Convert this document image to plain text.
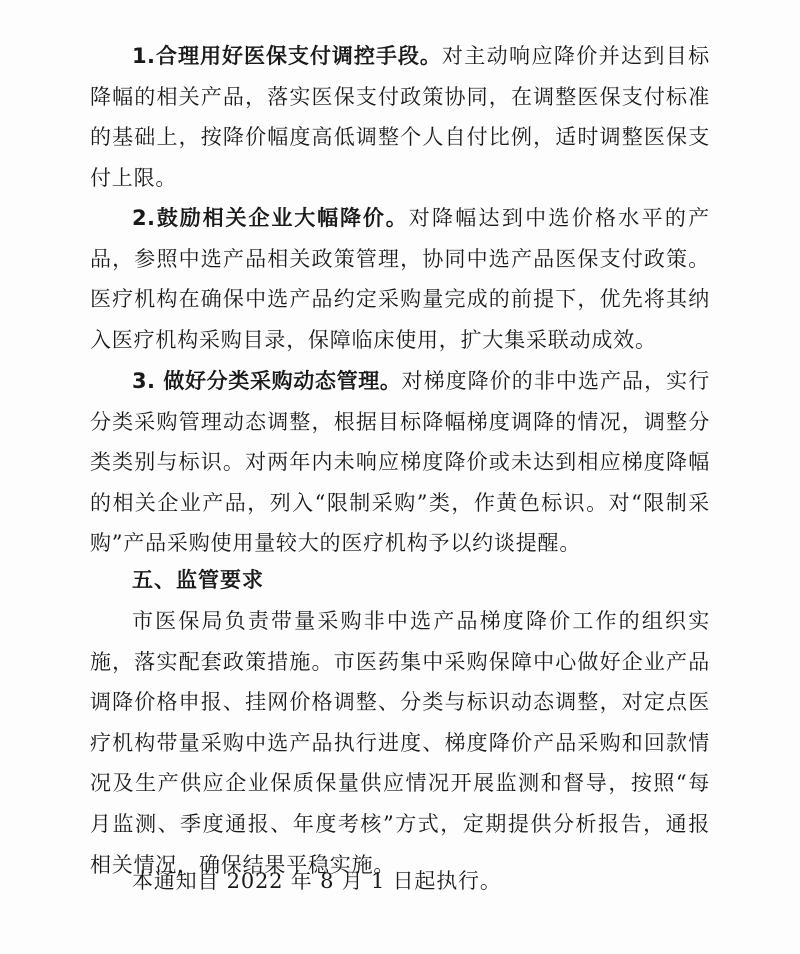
1.合理用好医保支付调控手段。对主动响应降价并达到目标降幅的相关产品，落实医保支付政策协同，在调整医保支付标准的基础上，按降价幅度高低调整个人自付比例，适时调整医保支付上限。

2.鼓励相关企业大幅降价。对降幅达到中选价格水平的产品，参照中选产品相关政策管理，协同中选产品医保支付政策。医疗机构在确保中选产品约定采购量完成的前提下，优先将其纳入医疗机构采购目录，保障临床使用，扩大集采联动成效。

3. 做好分类采购动态管理。对梯度降价的非中选产品，实行分类采购管理动态调整，根据目标降幅梯度调降的情况，调整分类类别与标识。对两年内未响应梯度降价或未达到相应梯度降幅的相关企业产品，列入“限制采购”类，作黄色标识。对“限制采购”产品采购使用量较大的医疗机构予以约谈提醒。

五、监管要求

市医保局负责带量采购非中选产品梯度降价工作的组织实施，落实配套政策措施。市医药集中采购保障中心做好企业产品调降价格申报、挂网价格调整、分类与标识动态调整，对定点医疗机构带量采购中选产品执行进度、梯度降价产品采购和回款情况及生产供应企业保质保量供应情况开展监测和督导，按照“每月监测、季度通报、年度考核”方式，定期提供分析报告，通报相关情况，确保结果平稳实施。

本通知自 2022 年 8 月 1 日起执行。
